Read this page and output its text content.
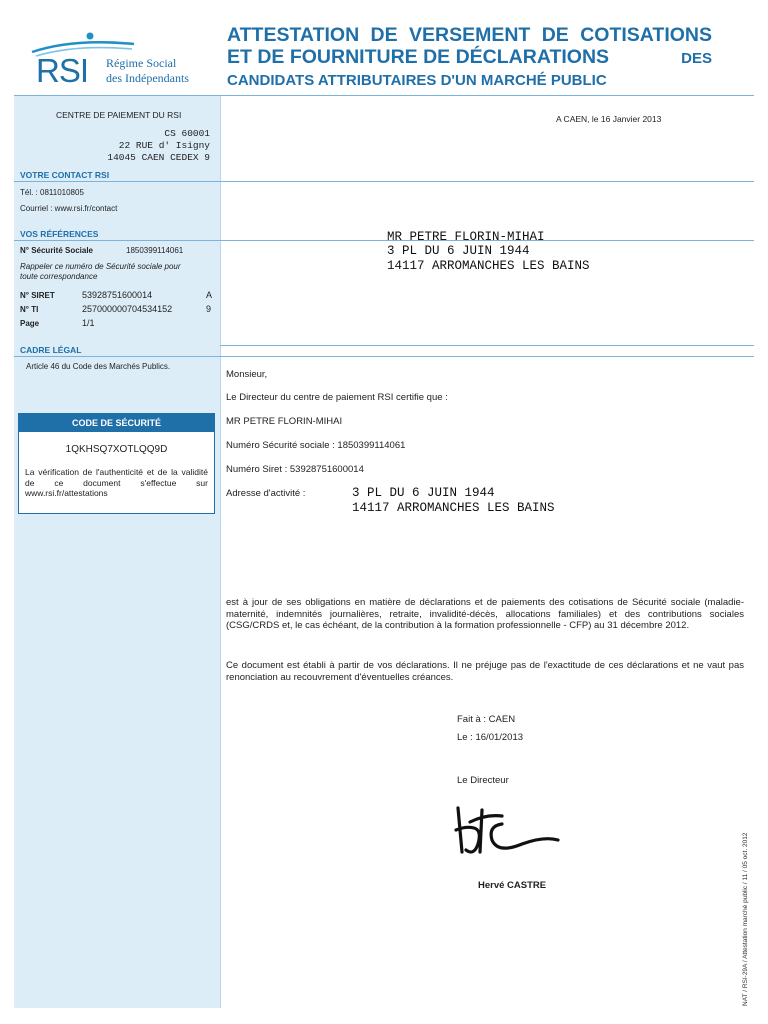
RSI Régime Social
des Indépendants
ATTESTATION DE VERSEMENT DE COTISATIONS
ET DE FOURNITURE DE DÉCLARATIONS	DES
CANDIDATS ATTRIBUTAIRES D'UN MARCHÉ PUBLIC
CENTRE DE PAIEMENT DU RSI
CS 60001
22 RUE d' Isigny
14045 CAEN CEDEX 9
VOTRE CONTACT RSI
Tél. : 0811010805
Courriel : www.rsi.fr/contact
VOS RÉFÉRENCES
N° Sécurité Sociale	1850399114061
Rappeler ce numéro de Sécurité sociale pour toute correspondance
N° SIRET	53928751600014	A
N° TI	257000000704534152	9
Page	1/1
CADRE LÉGAL
Article 46 du Code des Marchés Publics.
CODE DE SÉCURITÉ
1QKHSQ7XOTLQQ9D
La vérification de l'authenticité et de la validité de ce document s'effectue sur www.rsi.fr/attestations
A CAEN, le 16 Janvier 2013
MR PETRE FLORIN-MIHAI
3 PL DU 6 JUIN 1944
14117 ARROMANCHES LES BAINS
Monsieur,
Le Directeur du centre de paiement RSI certifie que :
MR PETRE FLORIN-MIHAI
Numéro Sécurité sociale : 1850399114061
Numéro Siret : 53928751600014
Adresse d'activité :	3 PL DU 6 JUIN 1944
14117 ARROMANCHES LES BAINS
est à jour de ses obligations en matière de déclarations et de paiements des cotisations de Sécurité sociale (maladie-maternité, indemnités journalières, retraite, invalidité-décès, allocations familiales) et des contributions sociales (CSG/CRDS et, le cas échéant, de la contribution à la formation professionnelle - CFP) au 31 décembre 2012.
Ce document est établi à partir de vos déclarations. Il ne préjuge pas de l'exactitude de ces déclarations et ne vaut pas renonciation au recouvrement d'éventuelles créances.
Fait à : CAEN
Le : 16/01/2013
Le Directeur
Hervé CASTRE	NAT / RSI-29A / Attestation marché public / 11 / 05 oct. 2012
